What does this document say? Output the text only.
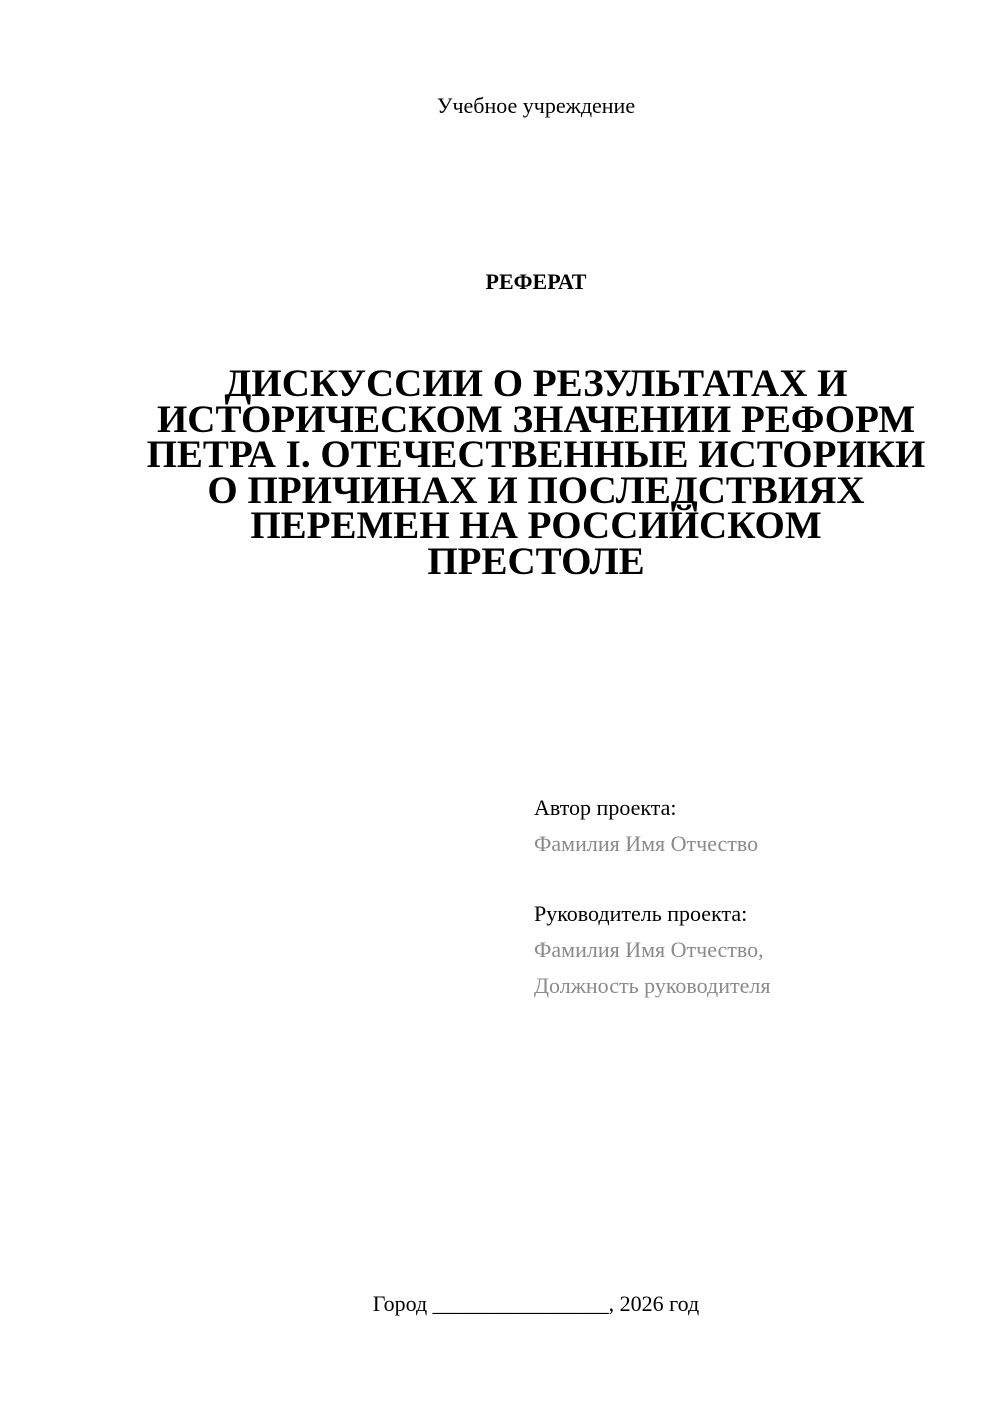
Учебное учреждение
РЕФЕРАТ
ДИСКУССИИ О РЕЗУЛЬТАТАХ И
ИСТОРИЧЕСКОМ ЗНАЧЕНИИ РЕФОРМ
ПЕТРА I. ОТЕЧЕСТВЕННЫЕ ИСТОРИКИ
О ПРИЧИНАХ И ПОСЛЕДСТВИЯХ
ПЕРЕМЕН НА РОССИЙСКОМ
ПРЕСТОЛЕ
Автор проекта:
Фамилия Имя Отчество
Руководитель проекта:
Фамилия Имя Отчество,
Должность руководителя
Город ________________, 2026 год
